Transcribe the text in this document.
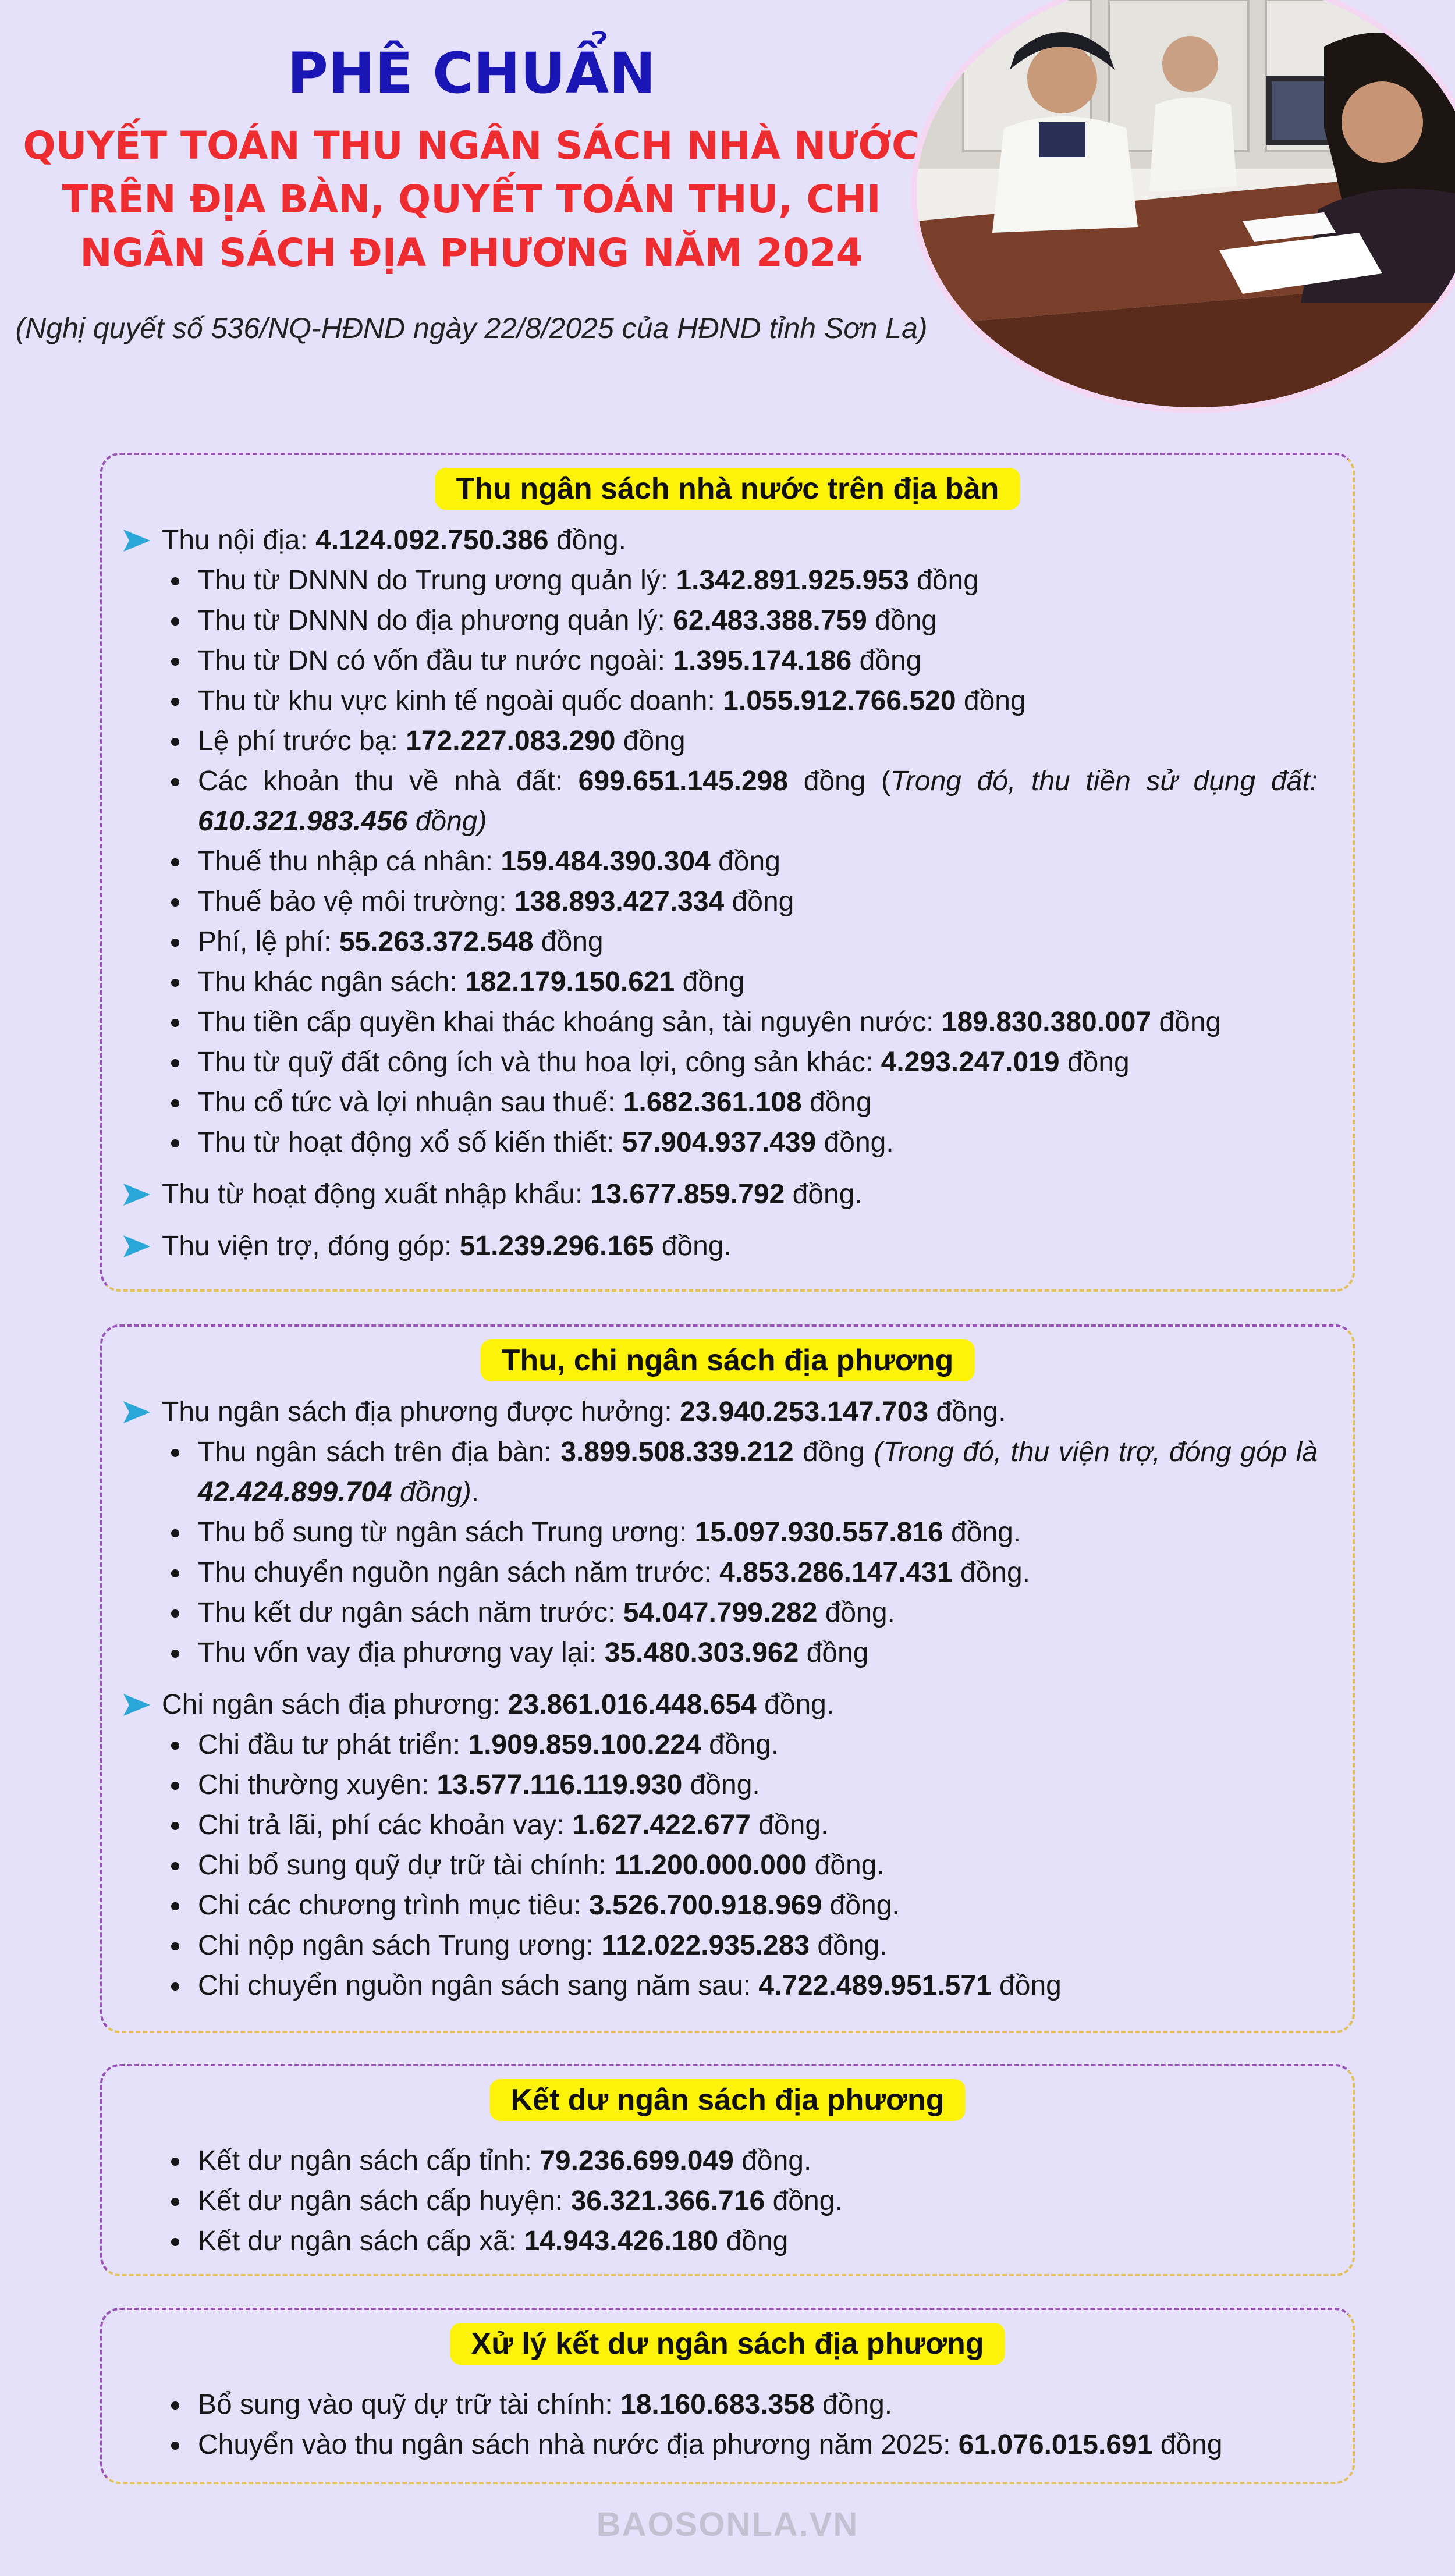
PHÊ CHUẨN
QUYẾT TOÁN THU NGÂN SÁCH NHÀ NƯỚC
TRÊN ĐỊA BÀN, QUYẾT TOÁN THU, CHI
NGÂN SÁCH ĐỊA PHƯƠNG NĂM 2024
(Nghị quyết số 536/NQ-HĐND ngày 22/8/2025 của HĐND tỉnh Sơn La)
Thu ngân sách nhà nước trên địa bàn
Thu nội địa: 4.124.092.750.386 đồng.
Thu từ DNNN do Trung ương quản lý: 1.342.891.925.953 đồng
Thu từ DNNN do địa phương quản lý: 62.483.388.759 đồng
Thu từ DN có vốn đầu tư nước ngoài: 1.395.174.186 đồng
Thu từ khu vực kinh tế ngoài quốc doanh: 1.055.912.766.520 đồng
Lệ phí trước bạ: 172.227.083.290 đồng
Các khoản thu về nhà đất: 699.651.145.298 đồng (Trong đó, thu tiền sử dụng đất: 610.321.983.456 đồng)
Thuế thu nhập cá nhân: 159.484.390.304 đồng
Thuế bảo vệ môi trường: 138.893.427.334 đồng
Phí, lệ phí: 55.263.372.548 đồng
Thu khác ngân sách: 182.179.150.621 đồng
Thu tiền cấp quyền khai thác khoáng sản, tài nguyên nước: 189.830.380.007 đồng
Thu từ quỹ đất công ích và thu hoa lợi, công sản khác: 4.293.247.019 đồng
Thu cổ tức và lợi nhuận sau thuế: 1.682.361.108 đồng
Thu từ hoạt động xổ số kiến thiết: 57.904.937.439 đồng.
Thu từ hoạt động xuất nhập khẩu: 13.677.859.792 đồng.
Thu viện trợ, đóng góp: 51.239.296.165 đồng.
Thu, chi ngân sách địa phương
Thu ngân sách địa phương được hưởng: 23.940.253.147.703 đồng.
Thu ngân sách trên địa bàn: 3.899.508.339.212 đồng (Trong đó, thu viện trợ, đóng góp là 42.424.899.704 đồng).
Thu bổ sung từ ngân sách Trung ương: 15.097.930.557.816 đồng.
Thu chuyển nguồn ngân sách năm trước: 4.853.286.147.431 đồng.
Thu kết dư ngân sách năm trước: 54.047.799.282 đồng.
Thu vốn vay địa phương vay lại: 35.480.303.962 đồng
Chi ngân sách địa phương: 23.861.016.448.654 đồng.
Chi đầu tư phát triển: 1.909.859.100.224 đồng.
Chi thường xuyên: 13.577.116.119.930 đồng.
Chi trả lãi, phí các khoản vay: 1.627.422.677 đồng.
Chi bổ sung quỹ dự trữ tài chính: 11.200.000.000 đồng.
Chi các chương trình mục tiêu: 3.526.700.918.969 đồng.
Chi nộp ngân sách Trung ương: 112.022.935.283 đồng.
Chi chuyển nguồn ngân sách sang năm sau: 4.722.489.951.571 đồng
Kết dư ngân sách địa phương
Kết dư ngân sách cấp tỉnh: 79.236.699.049 đồng.
Kết dư ngân sách cấp huyện: 36.321.366.716 đồng.
Kết dư ngân sách cấp xã: 14.943.426.180 đồng
Xử lý kết dư ngân sách địa phương
Bổ sung vào quỹ dự trữ tài chính: 18.160.683.358 đồng.
Chuyển vào thu ngân sách nhà nước địa phương năm 2025: 61.076.015.691 đồng
BAOSONLA.VN
